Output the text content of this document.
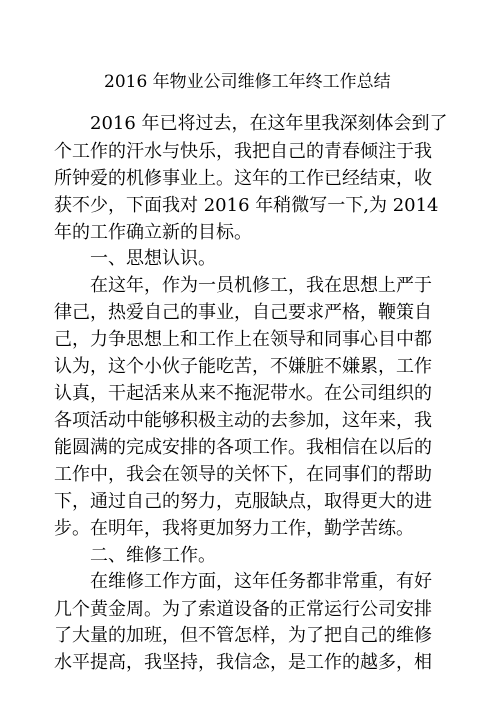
2016 年物业公司维修工年终工作总结
2016 年已将过去，在这年里我深刻体会到了
个工作的汗水与快乐，我把自己的青春倾注于我
所钟爱的机修事业上。这年的工作已经结束，收
获不少，下面我对 2016 年稍微写一下,为 2014
年的工作确立新的目标。
一、思想认识。
在这年，作为一员机修工，我在思想上严于
律己，热爱自己的事业，自己要求严格，鞭策自
己，力争思想上和工作上在领导和同事心目中都
认为，这个小伙子能吃苦，不嫌脏不嫌累，工作
认真，干起活来从来不拖泥带水。在公司组织的
各项活动中能够积极主动的去参加，这年来，我
能圆满的完成安排的各项工作。我相信在以后的
工作中，我会在领导的关怀下，在同事们的帮助
下，通过自己的努力，克服缺点，取得更大的进
步。在明年，我将更加努力工作，勤学苦练。
二、维修工作。
在维修工作方面，这年任务都非常重，有好
几个黄金周。为了索道设备的正常运行公司安排
了大量的加班，但不管怎样，为了把自己的维修
水平提高，我坚持，我信念，是工作的越多，相
